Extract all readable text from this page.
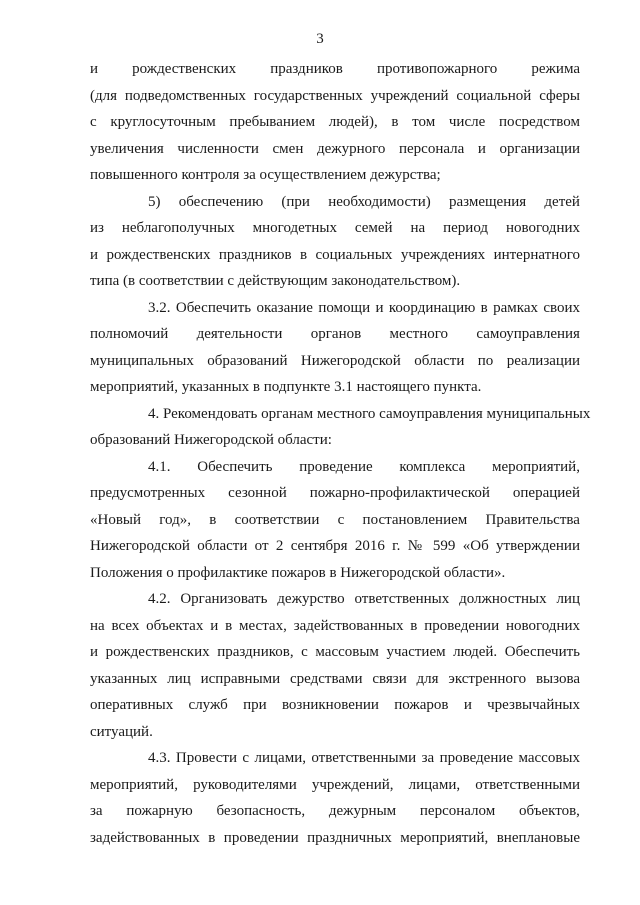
3
и рождественских праздников противопожарного режима
(для подведомственных государственных учреждений социальной сферы
с круглосуточным пребыванием людей), в том числе посредством
увеличения численности смен дежурного персонала и организации
повышенного контроля за осуществлением дежурства;
5) обеспечению (при необходимости) размещения детей
из неблагополучных многодетных семей на период новогодних
и рождественских праздников в социальных учреждениях интернатного
типа (в соответствии с действующим законодательством).
3.2. Обеспечить оказание помощи и координацию в рамках своих
полномочий деятельности органов местного самоуправления
муниципальных образований Нижегородской области по реализации
мероприятий, указанных в подпункте 3.1 настоящего пункта.
4. Рекомендовать органам местного самоуправления муниципальных
образований Нижегородской области:
4.1. Обеспечить проведение комплекса мероприятий,
предусмотренных сезонной пожарно-профилактической операцией
«Новый год», в соответствии с постановлением Правительства
Нижегородской области от 2 сентября 2016 г. № 599 «Об утверждении
Положения о профилактике пожаров в Нижегородской области».
4.2. Организовать дежурство ответственных должностных лиц
на всех объектах и в местах, задействованных в проведении новогодних
и рождественских праздников, с массовым участием людей. Обеспечить
указанных лиц исправными средствами связи для экстренного вызова
оперативных служб при возникновении пожаров и чрезвычайных
ситуаций.
4.3. Провести с лицами, ответственными за проведение массовых
мероприятий, руководителями учреждений, лицами, ответственными
за пожарную безопасность, дежурным персоналом объектов,
задействованных в проведении праздничных мероприятий, внеплановые
